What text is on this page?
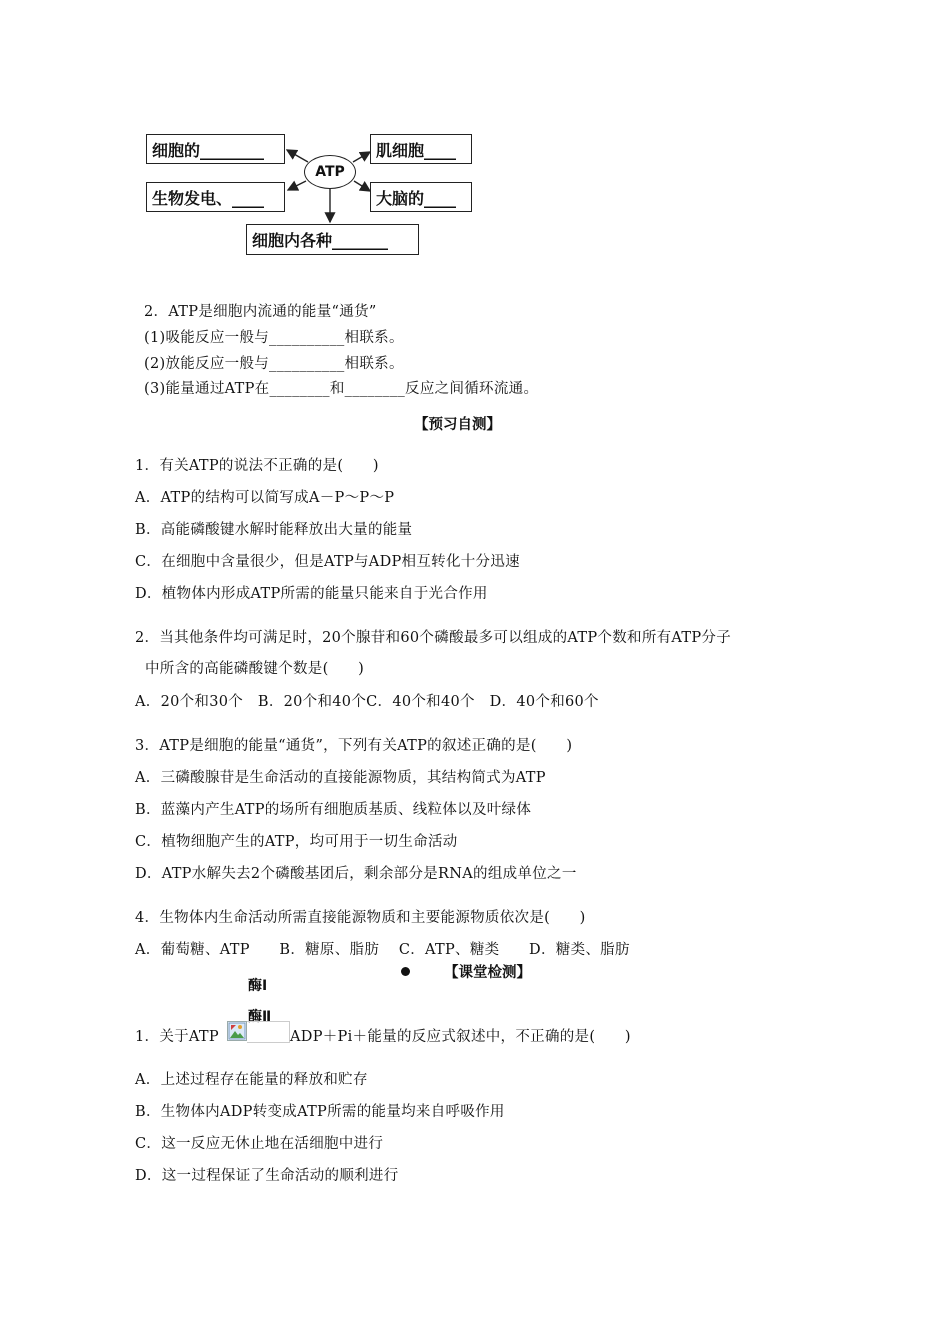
细胞的________
生物发电、____
肌细胞____
大脑的____
细胞内各种_______
ATP
2．ATP是细胞内流通的能量“通货”
(1)吸能反应一般与__________相联系。
(2)放能反应一般与__________相联系。
(3)能量通过ATP在________和________反应之间循环流通。
【预习自测】
1．有关ATP的说法不正确的是(　　)
A．ATP的结构可以简写成A－P～P～P
B．高能磷酸键水解时能释放出大量的能量
C．在细胞中含量很少，但是ATP与ADP相互转化十分迅速
D．植物体内形成ATP所需的能量只能来自于光合作用
2．当其他条件均可满足时，20个腺苷和60个磷酸最多可以组成的ATP个数和所有ATP分子
中所含的高能磷酸键个数是(　　)
A．20个和30个　B．20个和40个C．40个和40个　D．40个和60个
3．ATP是细胞的能量“通货”，下列有关ATP的叙述正确的是(　　)
A．三磷酸腺苷是生命活动的直接能源物质，其结构简式为ATP
B．蓝藻内产生ATP的场所有细胞质基质、线粒体以及叶绿体
C．植物细胞产生的ATP，均可用于一切生命活动
D．ATP水解失去2个磷酸基团后，剩余部分是RNA的组成单位之一
4．生物体内生命活动所需直接能源物质和主要能源物质依次是(　　)
A．葡萄糖、ATP　　B．糖原、脂肪　 C．ATP、糖类　　D．糖类、脂肪
【课堂检测】
酶Ⅰ
酶Ⅱ
1．关于ATP	ADP＋Pi＋能量的反应式叙述中，不正确的是(　　)
A．上述过程存在能量的释放和贮存
B．生物体内ADP转变成ATP所需的能量均来自呼吸作用
C．这一反应无休止地在活细胞中进行
D．这一过程保证了生命活动的顺利进行
